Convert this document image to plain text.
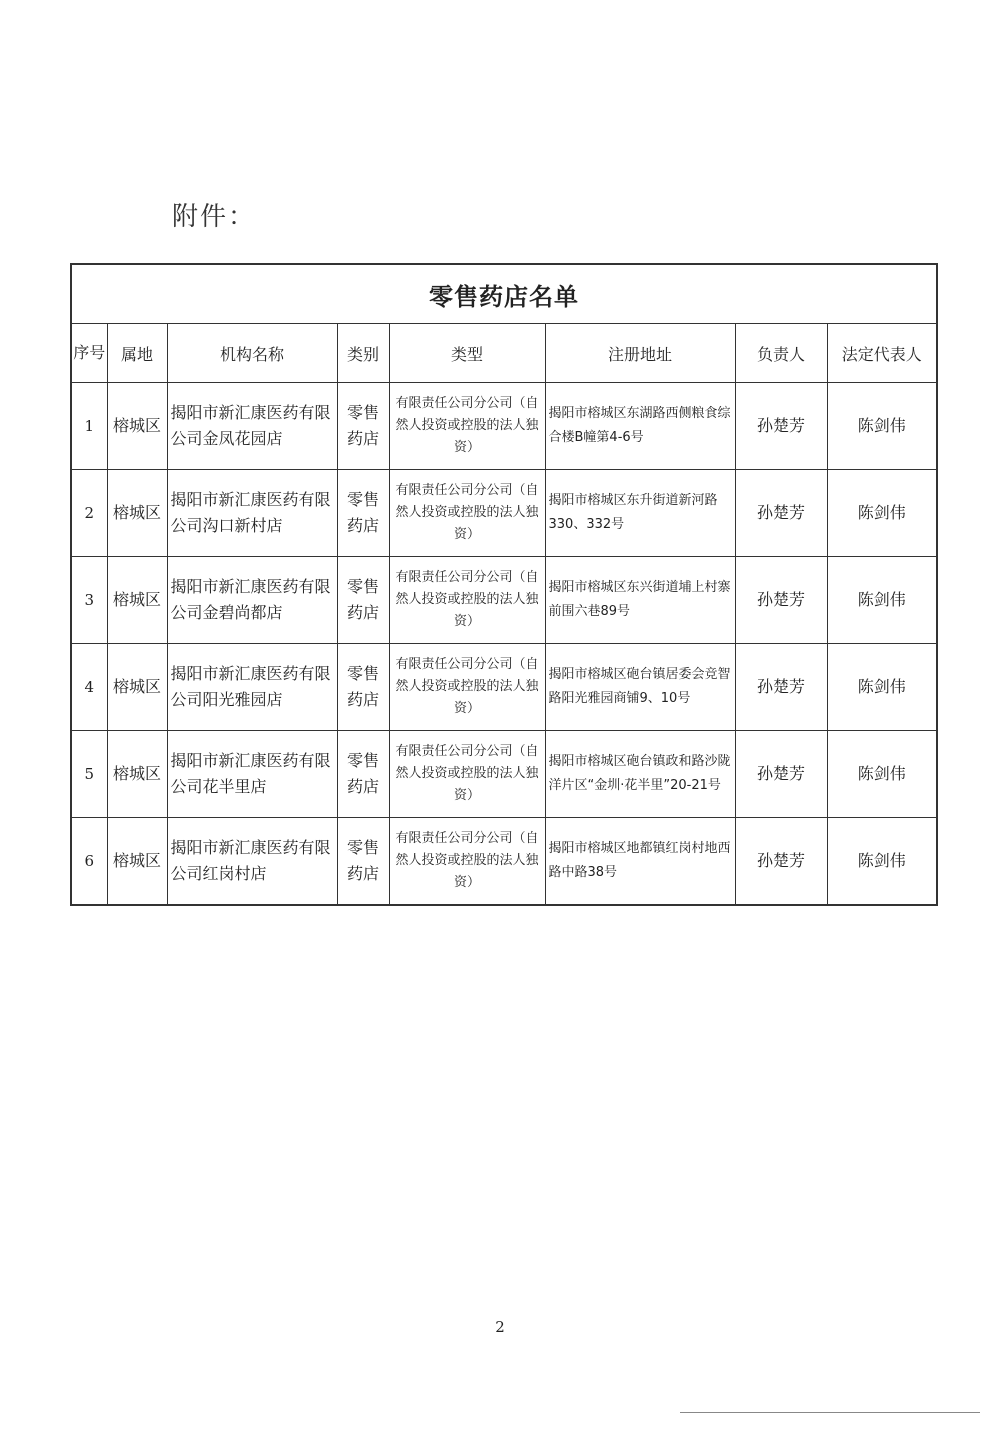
附件：
零售药店名单							
序号	属地	机构名称	类别	类型	注册地址	负责人	法定代表人
1	榕城区	揭阳市新汇康医药有限公司金凤花园店	零售药店	有限责任公司分公司（自然人投资或控股的法人独资）	揭阳市榕城区东湖路西侧粮食综合楼B幢第4-6号	孙楚芳	陈剑伟
2	榕城区	揭阳市新汇康医药有限公司沟口新村店	零售药店	有限责任公司分公司（自然人投资或控股的法人独资）	揭阳市榕城区东升街道新河路330、332号	孙楚芳	陈剑伟
3	榕城区	揭阳市新汇康医药有限公司金碧尚都店	零售药店	有限责任公司分公司（自然人投资或控股的法人独资）	揭阳市榕城区东兴街道埔上村寨前围六巷89号	孙楚芳	陈剑伟
4	榕城区	揭阳市新汇康医药有限公司阳光雅园店	零售药店	有限责任公司分公司（自然人投资或控股的法人独资）	揭阳市榕城区砲台镇居委会竞智路阳光雅园商铺9、10号	孙楚芳	陈剑伟
5	榕城区	揭阳市新汇康医药有限公司花半里店	零售药店	有限责任公司分公司（自然人投资或控股的法人独资）	揭阳市榕城区砲台镇政和路沙陇洋片区“金圳·花半里”20-21号	孙楚芳	陈剑伟
6	榕城区	揭阳市新汇康医药有限公司红岗村店	零售药店	有限责任公司分公司（自然人投资或控股的法人独资）	揭阳市榕城区地都镇红岗村地西路中路38号	孙楚芳	陈剑伟
2
